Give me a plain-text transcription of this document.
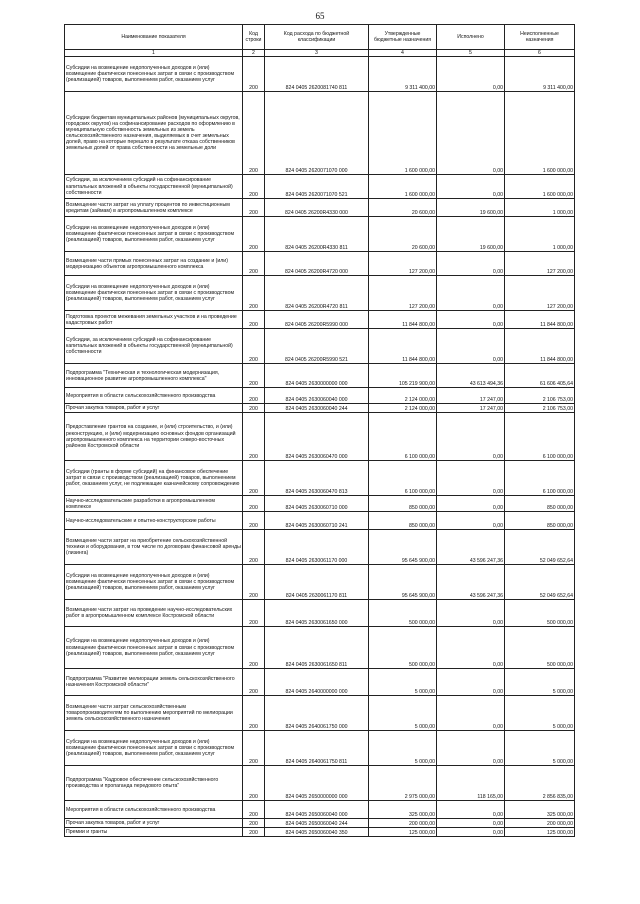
65
Наименование показателя	Код строки	Код расхода по бюджетной классификации	Утвержденные бюджетные назначения	Исполнено	Неисполненные назначения
1	2	3	4	5	6
Субсидии на возмещение недополученных доходов и (или) возмещение фактически понесенных затрат в связи с производством (реализацией) товаров, выполнением работ, оказанием услуг	200	824 0405 2620081740 811	9 311 400,00	0,00	9 311 400,00
Субсидии бюджетам муниципальных районов (муниципальных округов, городских округов) на софинансирование расходов по оформлению в муниципальную собственность земельных из земель сельскохозяйственного назначения, выделяемых в счет земельных долей, право на которые перешло в результате отказа собственников земельных долей от права собственности на земельные доли	200	824 0405 2620071070 000	1 600 000,00	0,00	1 600 000,00
Субсидии, за исключением субсидий на софинансирование капитальных вложений в объекты государственной (муниципальной) собственности	200	824 0405 2620071070 521	1 600 000,00	0,00	1 600 000,00
Возмещение части затрат на уплату процентов по инвестиционным кредитам (займам) в агропромышленном комплексе	200	824 0405 26200R4330 000	20 600,00	19 600,00	1 000,00
Субсидии на возмещение недополученных доходов и (или) возмещение фактически понесенных затрат в связи с производством (реализацией) товаров, выполнением работ, оказанием услуг	200	824 0405 26200R4330 811	20 600,00	19 600,00	1 000,00
Возмещение части прямых понесенных затрат на создание и (или) модернизацию объектов агропромышленного комплекса	200	824 0405 26200R4720 000	127 200,00	0,00	127 200,00
Субсидии на возмещение недополученных доходов и (или) возмещение фактически понесенных затрат в связи с производством (реализацией) товаров, выполнением работ, оказанием услуг	200	824 0405 26200R4720 811	127 200,00	0,00	127 200,00
Подготовка проектов межевания земельных участков и на проведение кадастровых работ	200	824 0405 26200R5990 000	11 844 800,00	0,00	11 844 800,00
Субсидии, за исключением субсидий на софинансирование капитальных вложений в объекты государственной (муниципальной) собственности	200	824 0405 26200R5990 521	11 844 800,00	0,00	11 844 800,00
Подпрограмма "Техническая и технологическая модернизация, инновационное развитие агропромышленного комплекса"	200	824 0405 2630000000 000	105 219 900,00	43 613 494,36	61 606 405,64
Мероприятия в области сельскохозяйственного производства	200	824 0405 2630060040 000	2 124 000,00	17 247,00	2 106 753,00
Прочая закупка товаров, работ и услуг	200	824 0405 2630060040 244	2 124 000,00	17 247,00	2 106 753,00
Предоставление грантов на создание, и (или) строительство, и (или) реконструкцию, и (или) модернизацию основных фондов организаций агропромышленного комплекса на территории северо-восточных районов Костромской области	200	824 0405 2630060470 000	6 100 000,00	0,00	6 100 000,00
Субсидии (гранты в форме субсидий) на финансовое обеспечение затрат в связи с производством (реализацией) товаров, выполнением работ, оказанием услуг, не подлежащие казначейскому сопровождению	200	824 0405 2630060470 813	6 100 000,00	0,00	6 100 000,00
Научно-исследовательские разработки в агропромышленном комплексе	200	824 0405 2630060710 000	850 000,00	0,00	850 000,00
Научно-исследовательские и опытно-конструкторские работы	200	824 0405 2630060710 241	850 000,00	0,00	850 000,00
Возмещение части затрат на приобретение сельскохозяйственной техники и оборудования, в том числе по договорам финансовой аренды (лизинга)	200	824 0405 2630061170 000	95 645 900,00	43 596 247,36	52 049 652,64
Субсидии на возмещение недополученных доходов и (или) возмещение фактически понесенных затрат в связи с производством (реализацией) товаров, выполнением работ, оказанием услуг	200	824 0405 2630061170 811	95 645 900,00	43 596 247,36	52 049 652,64
Возмещение части затрат на проведение научно-исследовательских работ в агропромышленном комплексе Костромской области	200	824 0405 2630061650 000	500 000,00	0,00	500 000,00
Субсидии на возмещение недополученных доходов и (или) возмещение фактически понесенных затрат в связи с производством (реализацией) товаров, выполнением работ, оказанием услуг	200	824 0405 2630061650 811	500 000,00	0,00	500 000,00
Подпрограмма "Развитие мелиорации земель сельскохозяйственного назначения Костромской области"	200	824 0405 2640000000 000	5 000,00	0,00	5 000,00
Возмещение части затрат сельскохозяйственным товаропроизводителям по выполнению мероприятий по мелиорации земель сельскохозяйственного назначения	200	824 0405 2640061750 000	5 000,00	0,00	5 000,00
Субсидии на возмещение недополученных доходов и (или) возмещение фактически понесенных затрат в связи с производством (реализацией) товаров, выполнением работ, оказанием услуг	200	824 0405 2640061750 811	5 000,00	0,00	5 000,00
Подпрограмма "Кадровое обеспечение сельскохозяйственного производства и пропаганда передового опыта"	200	824 0405 2650000000 000	2 975 000,00	118 165,00	2 856 835,00
Мероприятия в области сельскохозяйственного производства	200	824 0405 2650060040 000	325 000,00	0,00	325 000,00
Прочая закупка товаров, работ и услуг	200	824 0405 2650060040 244	200 000,00	0,00	200 000,00
Премии и гранты	200	824 0405 2650060040 350	125 000,00	0,00	125 000,00
